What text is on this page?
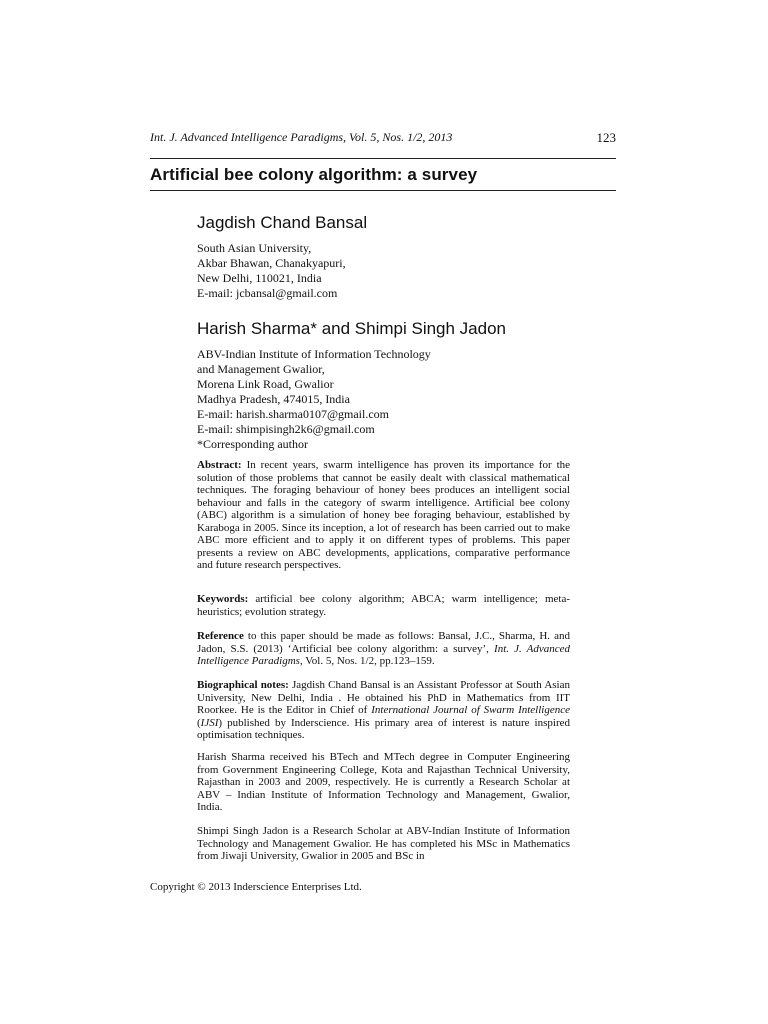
Int. J. Advanced Intelligence Paradigms, Vol. 5, Nos. 1/2, 2013	123
Artificial bee colony algorithm: a survey
Jagdish Chand Bansal
South Asian University,
Akbar Bhawan, Chanakyapuri,
New Delhi, 110021, India
E-mail: jcbansal@gmail.com
Harish Sharma* and Shimpi Singh Jadon
ABV-Indian Institute of Information Technology
and Management Gwalior,
Morena Link Road, Gwalior
Madhya Pradesh, 474015, India
E-mail: harish.sharma0107@gmail.com
E-mail: shimpisingh2k6@gmail.com
*Corresponding author
Abstract: In recent years, swarm intelligence has proven its importance for the solution of those problems that cannot be easily dealt with classical mathematical techniques. The foraging behaviour of honey bees produces an intelligent social behaviour and falls in the category of swarm intelligence. Artificial bee colony (ABC) algorithm is a simulation of honey bee foraging behaviour, established by Karaboga in 2005. Since its inception, a lot of research has been carried out to make ABC more efficient and to apply it on different types of problems. This paper presents a review on ABC developments, applications, comparative performance and future research perspectives.
Keywords: artificial bee colony algorithm; ABCA; warm intelligence; meta-heuristics; evolution strategy.
Reference to this paper should be made as follows: Bansal, J.C., Sharma, H. and Jadon, S.S. (2013) ‘Artificial bee colony algorithm: a survey’, Int. J. Advanced Intelligence Paradigms, Vol. 5, Nos. 1/2, pp.123–159.
Biographical notes: Jagdish Chand Bansal is an Assistant Professor at South Asian University, New Delhi, India . He obtained his PhD in Mathematics from IIT Roorkee. He is the Editor in Chief of International Journal of Swarm Intelligence (IJSI) published by Inderscience. His primary area of interest is nature inspired optimisation techniques.
Harish Sharma received his BTech and MTech degree in Computer Engineering from Government Engineering College, Kota and Rajasthan Technical University, Rajasthan in 2003 and 2009, respectively. He is currently a Research Scholar at ABV – Indian Institute of Information Technology and Management, Gwalior, India.
Shimpi Singh Jadon is a Research Scholar at ABV-Indian Institute of Information Technology and Management Gwalior. He has completed his MSc in Mathematics from Jiwaji University, Gwalior in 2005 and BSc in
Copyright © 2013 Inderscience Enterprises Ltd.
